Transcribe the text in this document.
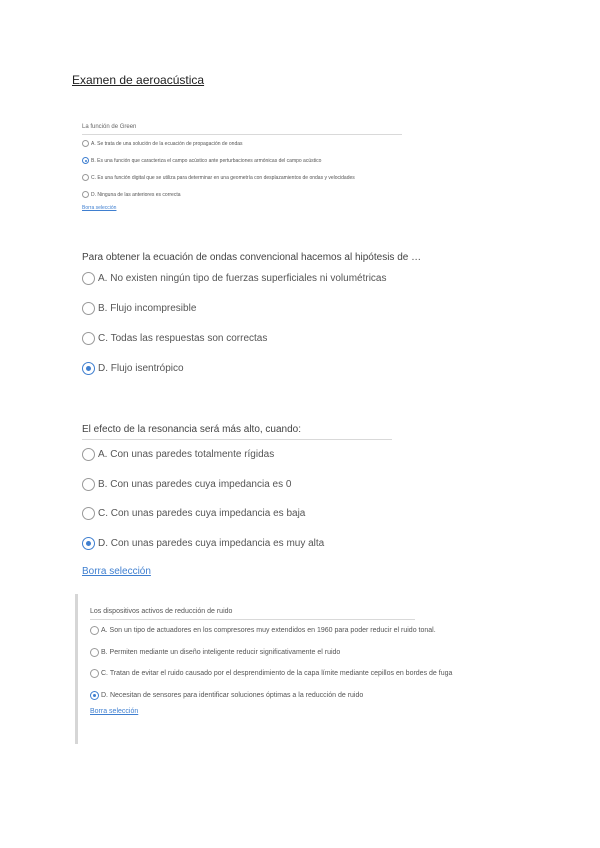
Examen de aeroacústica
La función de Green
A. Se trata de una solución de la ecuación de propagación de ondas
B. Es una función que caracteriza el campo acústico ante perturbaciones armónicas del campo acústico
C. Es una función digital que se utiliza para determinar en una geometría con desplazamientos de ondas y velocidades
D. Ninguna de las anteriores es correcta
Borra selección
Para obtener la ecuación de ondas convencional hacemos al hipótesis de …
A. No existen ningún tipo de fuerzas superficiales ni volumétricas
B. Flujo incompresible
C. Todas las respuestas son correctas
D. Flujo isentrópico
El efecto de la resonancia será más alto, cuando:
A. Con unas paredes totalmente rígidas
B. Con unas paredes cuya impedancia es 0
C. Con unas paredes cuya impedancia es baja
D. Con unas paredes cuya impedancia es muy alta
Borra selección
Los dispositivos activos de reducción de ruido
A. Son un tipo de actuadores en los compresores muy extendidos en 1960 para poder reducir el ruido tonal.
B. Permiten mediante un diseño inteligente reducir significativamente el ruido
C. Tratan de evitar el ruido causado por el desprendimiento de la capa límite mediante cepillos en bordes de fuga
D. Necesitan de sensores para identificar soluciones óptimas a la reducción de ruido
Borra selección
